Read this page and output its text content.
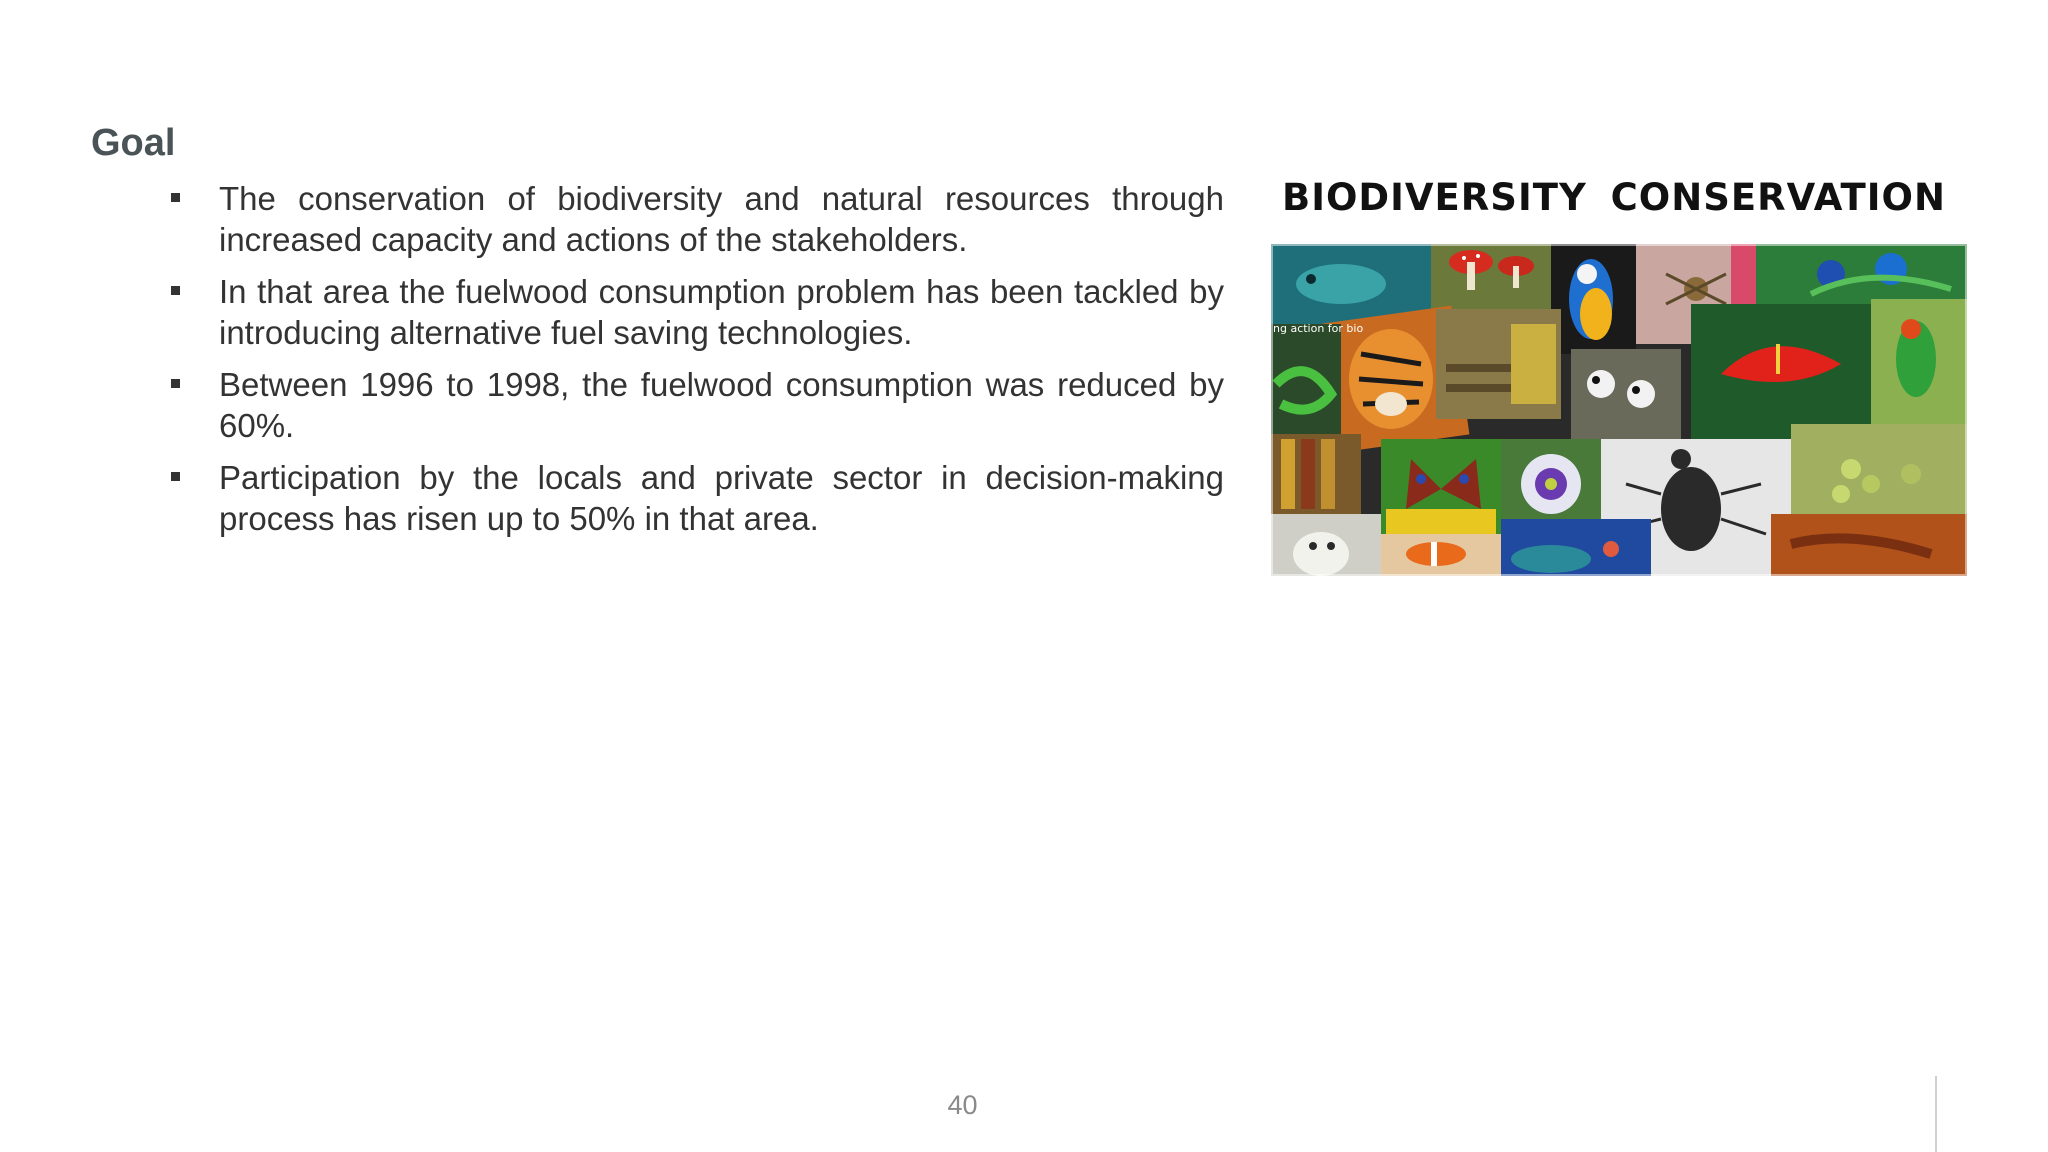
Goal
The conservation of biodiversity and natural resources through increased capacity and actions of the stakeholders.
In that area the fuelwood consumption problem has been tackled by introducing alternative fuel saving technologies.
Between 1996 to 1998, the fuelwood consumption was reduced by 60%.
Participation by the locals and private sector in decision-making process has risen up to 50% in that area.
BIODIVERSITY CONSERVATION
ng action for bio
40
